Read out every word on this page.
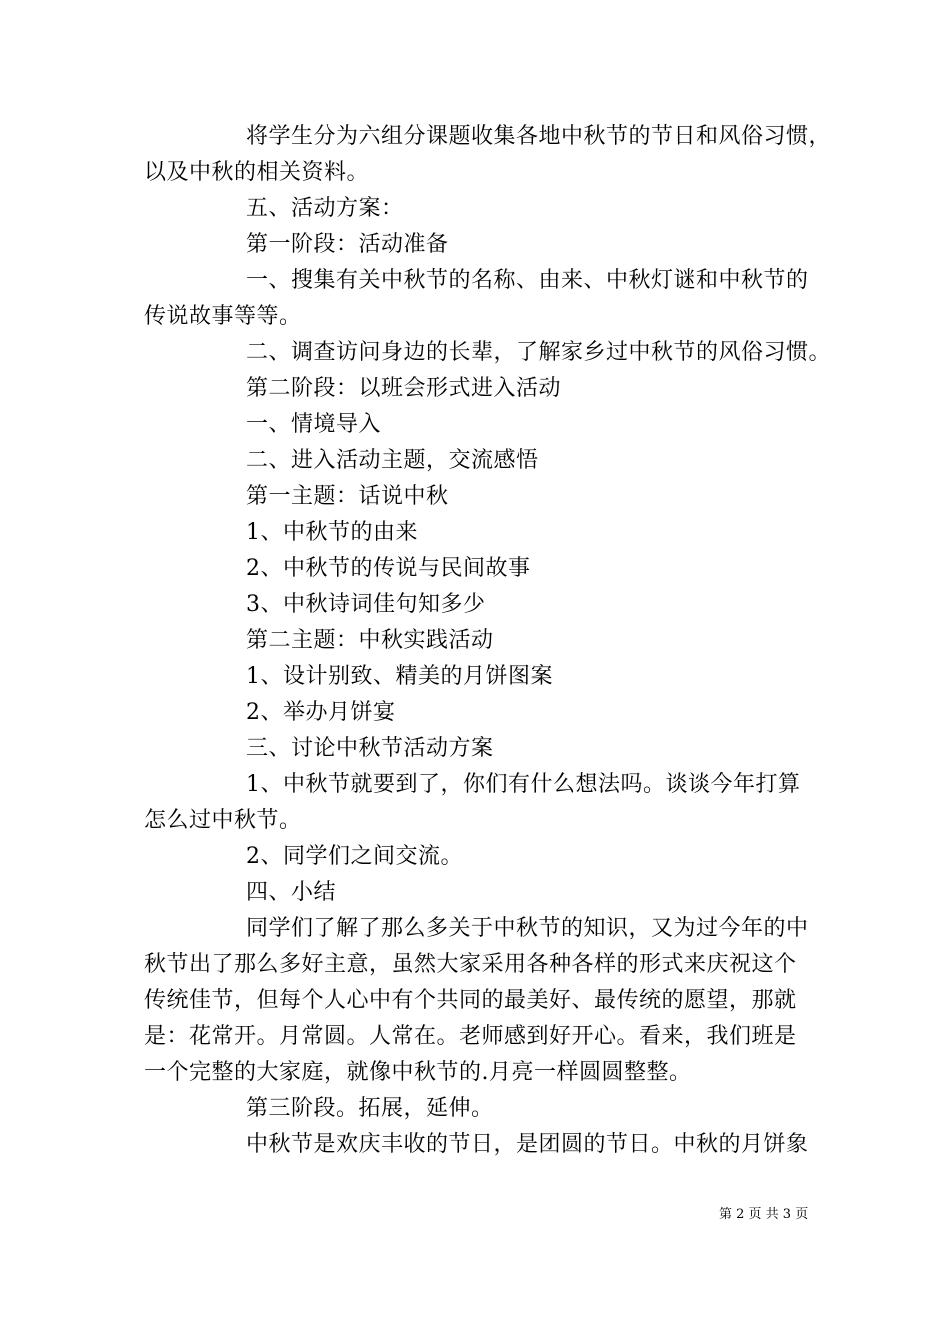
将学生分为六组分课题收集各地中秋节的节日和风俗习惯，
以及中秋的相关资料。
五、活动方案：
第一阶段：活动准备
一、搜集有关中秋节的名称、由来、中秋灯谜和中秋节的
传说故事等等。
二、调查访问身边的长辈，了解家乡过中秋节的风俗习惯。
第二阶段：以班会形式进入活动
一、情境导入
二、进入活动主题，交流感悟
第一主题：话说中秋
1、中秋节的由来
2、中秋节的传说与民间故事
3、中秋诗词佳句知多少
第二主题：中秋实践活动
1、设计别致、精美的月饼图案
2、举办月饼宴
三、讨论中秋节活动方案
1、中秋节就要到了，你们有什么想法吗。谈谈今年打算
怎么过中秋节。
2、同学们之间交流。
四、小结
同学们了解了那么多关于中秋节的知识，又为过今年的中
秋节出了那么多好主意，虽然大家采用各种各样的形式来庆祝这个
传统佳节，但每个人心中有个共同的最美好、最传统的愿望，那就
是：花常开。月常圆。人常在。老师感到好开心。看来，我们班是
一个完整的大家庭，就像中秋节的.月亮一样圆圆整整。
第三阶段。拓展，延伸。
中秋节是欢庆丰收的节日，是团圆的节日。中秋的月饼象
第 2 页 共 3 页
